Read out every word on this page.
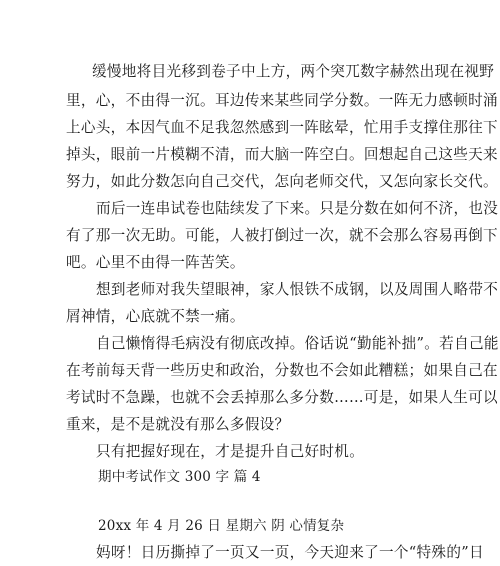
缓慢地将目光移到卷子中上方，两个突兀数字赫然出现在视野
里，心，不由得一沉。耳边传来某些同学分数。一阵无力感顿时涌
上心头，本因气血不足我忽然感到一阵眩晕，忙用手支撑住那往下
掉头，眼前一片模糊不清，而大脑一阵空白。回想起自己这些天来
努力，如此分数怎向自己交代，怎向老师交代，又怎向家长交代。
而后一连串试卷也陆续发了下来。只是分数在如何不济，也没
有了那一次无助。可能，人被打倒过一次，就不会那么容易再倒下
吧。心里不由得一阵苦笑。
想到老师对我失望眼神，家人恨铁不成钢，以及周围人略带不
屑神情，心底就不禁一痛。
自己懒惰得毛病没有彻底改掉。俗话说“勤能补拙”。若自己能
在考前每天背一些历史和政治，分数也不会如此糟糕；如果自己在
考试时不急躁，也就不会丢掉那么多分数……可是，如果人生可以
重来，是不是就没有那么多假设？
只有把握好现在，才是提升自己好时机。
期中考试作文 300 字 篇 4
20xx 年 4 月 26 日 星期六 阴 心情复杂
妈呀！日历撕掉了一页又一页，今天迎来了一个“特殊的”日
